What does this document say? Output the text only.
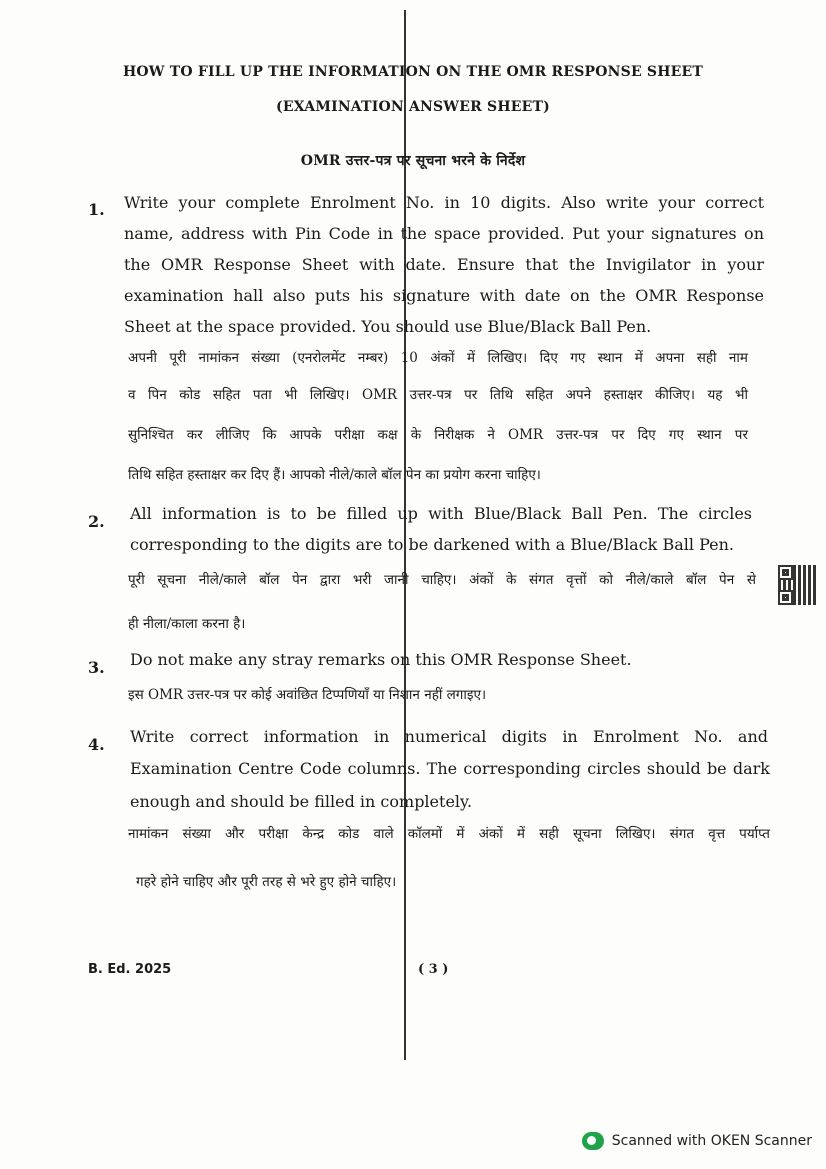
HOW TO FILL UP THE INFORMATION ON THE OMR RESPONSE SHEET
(EXAMINATION ANSWER SHEET)
OMR उत्तर-पत्र पर सूचना भरने के निर्देश
1. Write your complete Enrolment No. in 10 digits. Also write your correct
name, address with Pin Code in the space provided. Put your signatures on
the OMR Response Sheet with date. Ensure that the Invigilator in your
examination hall also puts his signature with date on the OMR Response
Sheet at the space provided. You should use Blue/Black Ball Pen.
अपनी पूरी नामांकन संख्या (एनरोलमेंट नम्बर) 10 अंकों में लिखिए। दिए गए स्थान में अपना सही नाम
व पिन कोड सहित पता भी लिखिए। OMR उत्तर-पत्र पर तिथि सहित अपने हस्ताक्षर कीजिए। यह भी
सुनिश्चित कर लीजिए कि आपके परीक्षा कक्ष के निरीक्षक ने OMR उत्तर-पत्र पर दिए गए स्थान पर
तिथि सहित हस्ताक्षर कर दिए हैं। आपको नीले/काले बॉल पेन का प्रयोग करना चाहिए।
2. All information is to be filled up with Blue/Black Ball Pen. The circles
corresponding to the digits are to be darkened with a Blue/Black Ball Pen.
पूरी सूचना नीले/काले बॉल पेन द्वारा भरी जानी चाहिए। अंकों के संगत वृत्तों को नीले/काले बॉल पेन से
ही नीला/काला करना है।
3. Do not make any stray remarks on this OMR Response Sheet.
इस OMR उत्तर-पत्र पर कोई अवांछित टिप्पणियाँ या निशान नहीं लगाइए।
4. Write correct information in numerical digits in Enrolment No. and
Examination Centre Code columns. The corresponding circles should be dark
enough and should be filled in completely.
नामांकन संख्या और परीक्षा केन्द्र कोड वाले कॉलमों में अंकों में सही सूचना लिखिए। संगत वृत्त पर्याप्त
गहरे होने चाहिए और पूरी तरह से भरे हुए होने चाहिए।
B. Ed. 2025	( 3 )
Scanned with OKEN Scanner
